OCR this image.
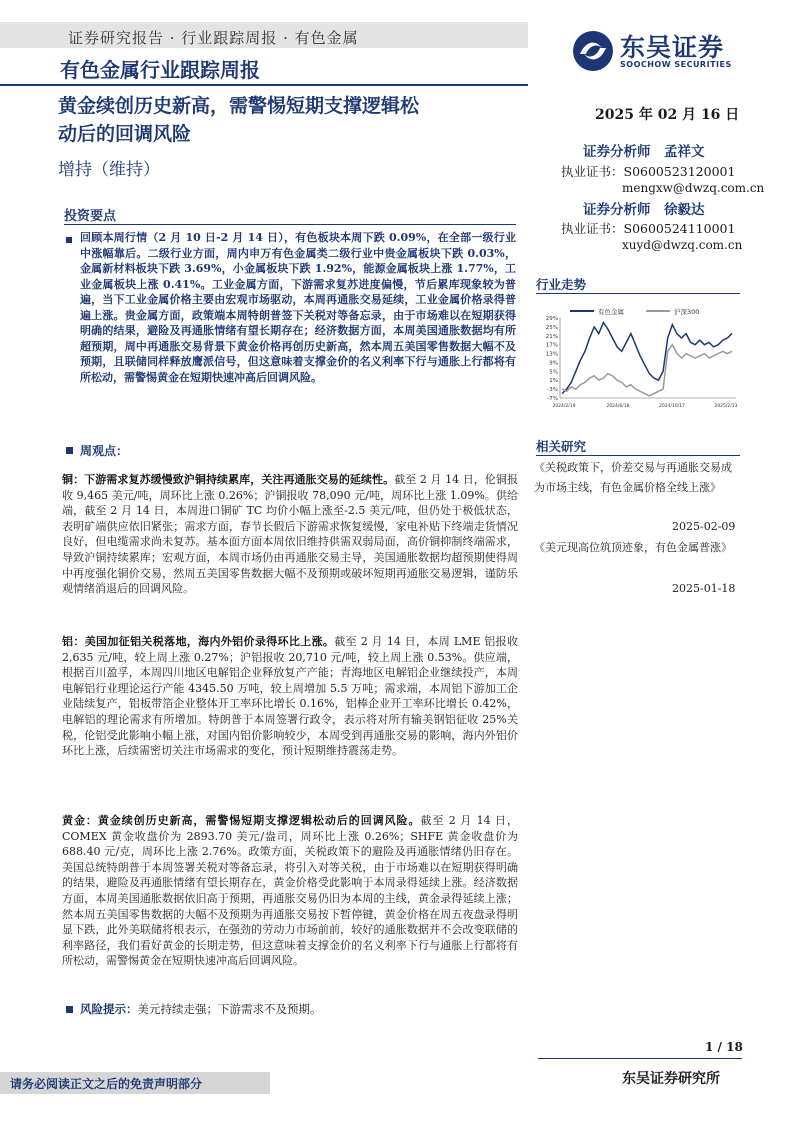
证券研究报告 · 行业跟踪周报 · 有色金属
有色金属行业跟踪周报
东吴证券
SOOCHOW SECURITIES
黄金续创历史新高，需警惕短期支撑逻辑松
动后的回调风险
增持（维持）
2025 年 02 月 16 日
证券分析师　孟祥文
执业证书：S0600523120001
mengxw@dwzq.com.cn
证券分析师　徐毅达
执业证书：S0600524110001
xuyd@dwzq.com.cn
投资要点
回顾本周行情（2 月 10 日-2 月 14 日），有色板块本周下跌 0.09%，在全部一级行业中涨幅靠后。二级行业方面，周内申万有色金属类二级行业中贵金属板块下跌 0.03%，金属新材料板块下跌 3.69%，小金属板块下跌 1.92%，能源金属板块上涨 1.77%，工业金属板块上涨 0.41%。工业金属方面，下游需求复苏进度偏慢，节后累库现象较为普遍，当下工业金属价格主要由宏观市场驱动，本周再通胀交易延续，工业金属价格录得普遍上涨。贵金属方面，政策端本周特朗普签下关税对等备忘录，由于市场难以在短期获得明确的结果，避险及再通胀情绪有望长期存在；经济数据方面，本周美国通胀数据均有所超预期，周中再通胀交易背景下黄金价格再创历史新高，然本周五美国零售数据大幅不及预期，且联储同样释放鹰派信号，但这意味着支撑金价的名义利率下行与通胀上行都将有所松动，需警惕黄金在短期快速冲高后回调风险。
周观点：
铜：下游需求复苏缓慢致沪铜持续累库，关注再通胀交易的延续性。截至 2 月 14 日，伦铜报收 9,465 美元/吨，周环比上涨 0.26%；沪铜报收 78,090 元/吨，周环比上涨 1.09%。供给端，截至 2 月 14 日，本周进口铜矿 TC 均价小幅上涨至-2.5 美元/吨，但仍处于极低状态，表明矿端供应依旧紧张；需求方面，春节长假后下游需求恢复缓慢，家电补贴下终端走货情况良好，但电缆需求尚未复苏。基本面方面本周依旧维持供需双弱局面，高价铜抑制终端需求，导致沪铜持续累库；宏观方面，本周市场仍由再通胀交易主导，美国通胀数据均超预期使得周中再度强化铜价交易，然周五美国零售数据大幅不及预期或破坏短期再通胀交易逻辑，谨防乐观情绪消退后的回调风险。
铝：美国加征铝关税落地，海内外铝价录得环比上涨。截至 2 月 14 日，本周 LME 铝报收 2,635 元/吨，较上周上涨 0.27%；沪铝报收 20,710 元/吨，较上周上涨 0.53%。供应端，根据百川盈孚，本周四川地区电解铝企业释放复产产能；青海地区电解铝企业继续投产，本周电解铝行业理论运行产能 4345.50 万吨，较上周增加 5.5 万吨；需求端，本周铝下游加工企业陆续复产，铝板带箔企业整体开工率环比增长 0.16%，铝棒企业开工率环比增长 0.42%，电解铝的理论需求有所增加。特朗普于本周签署行政令，表示将对所有输美钢铝征收 25%关税，伦铝受此影响小幅上涨，对国内铝价影响较少，本周受到再通胀交易的影响，海内外铝价环比上涨，后续需密切关注市场需求的变化，预计短期维持震荡走势。
黄金：黄金续创历史新高，需警惕短期支撑逻辑松动后的回调风险。截至 2 月 14 日，COMEX 黄金收盘价为 2893.70 美元/盎司，周环比上涨 0.26%；SHFE 黄金收盘价为 688.40 元/克，周环比上涨 2.76%。政策方面，关税政策下的避险及再通胀情绪仍旧存在。美国总统特朗普于本周签署关税对等备忘录，将引入对等关税，由于市场难以在短期获得明确的结果，避险及再通胀情绪有望长期存在，黄金价格受此影响于本周录得延续上涨。经济数据方面，本周美国通胀数据依旧高于预期，再通胀交易仍旧为本周的主线，黄金录得延续上涨；然本周五美国零售数据的大幅不及预期为再通胀交易按下暂停键，黄金价格在周五夜盘录得明显下跌，此外美联储将根表示，在强劲的劳动力市场前前，较好的通胀数据并不会改变联储的利率路径，我们看好黄金的长期走势，但这意味着支撑金价的名义利率下行与通胀上行都将有所松动，需警惕黄金在短期快速冲高后回调风险。
风险提示：美元持续走强；下游需求不及预期。
行业走势
有色金属	沪深300
29%
25%
21%
17%
13%
9%
5%
1%
-3%
-7%
2024/2/19	2024/6/18	2024/10/17	2025/2/13
相关研究
《关税政策下，价差交易与再通胀交易成为市场主线，有色金属价格全线上涨》
2025-02-09
《美元现高位筑顶迹象，有色金属普涨》
2025-01-18
1 / 18
东吴证券研究所
请务必阅读正文之后的免责声明部分
